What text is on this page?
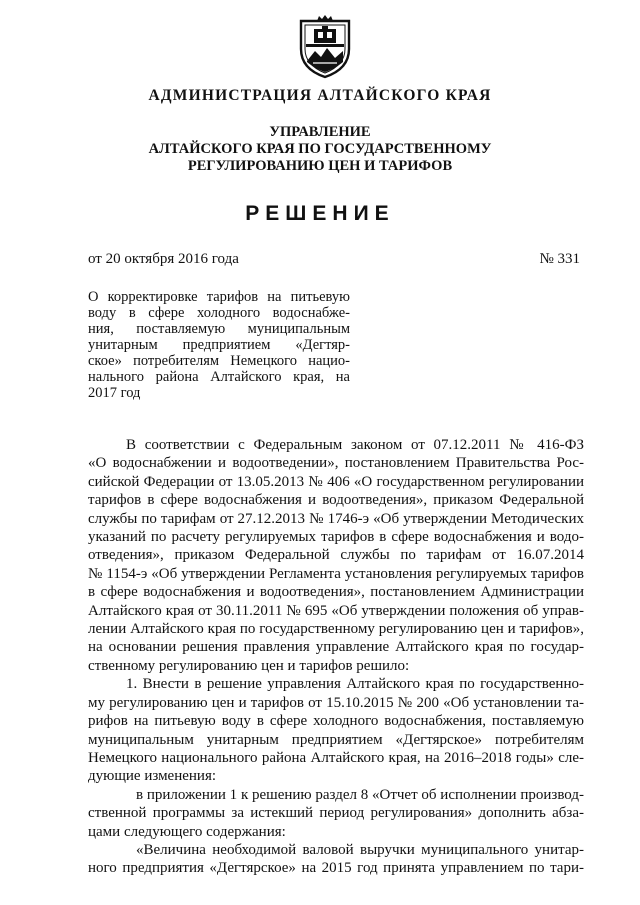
АДМИНИСТРАЦИЯ АЛТАЙСКОГО КРАЯ
УПРАВЛЕНИЕ
АЛТАЙСКОГО КРАЯ ПО ГОСУДАРСТВЕННОМУ
РЕГУЛИРОВАНИЮ ЦЕН И ТАРИФОВ
РЕШЕНИЕ
от 20 октября 2016 года	№ 331
О корректировке тарифов на питьевую
воду в сфере холодного водоснабже-
ния, поставляемую муниципальным
унитарным предприятием «Дегтяр-
ское» потребителям Немецкого нацио-
нального района Алтайского края, на
2017 год
В соответствии с Федеральным законом от 07.12.2011 № 416-ФЗ
«О водоснабжении и водоотведении», постановлением Правительства Рос-
сийской Федерации от 13.05.2013 № 406 «О государственном регулировании
тарифов в сфере водоснабжения и водоотведения», приказом Федеральной
службы по тарифам от 27.12.2013 № 1746-э «Об утверждении Методических
указаний по расчету регулируемых тарифов в сфере водоснабжения и водо-
отведения», приказом Федеральной службы по тарифам от 16.07.2014
№ 1154-э «Об утверждении Регламента установления регулируемых тарифов
в сфере водоснабжения и водоотведения», постановлением Администрации
Алтайского края от 30.11.2011 № 695 «Об утверждении положения об управ-
лении Алтайского края по государственному регулированию цен и тарифов»,
на основании решения правления управление Алтайского края по государ-
ственному регулированию цен и тарифов решило:
1. Внести в решение управления Алтайского края по государственно-
му регулированию цен и тарифов от 15.10.2015 № 200 «Об установлении та-
рифов на питьевую воду в сфере холодного водоснабжения, поставляемую
муниципальным унитарным предприятием «Дегтярское» потребителям
Немецкого национального района Алтайского края, на 2016–2018 годы» сле-
дующие изменения:
в приложении 1 к решению раздел 8 «Отчет об исполнении производ-
ственной программы за истекший период регулирования» дополнить абза-
цами следующего содержания:
«Величина необходимой валовой выручки муниципального унитар-
ного предприятия «Дегтярское» на 2015 год принята управлением по тари-
